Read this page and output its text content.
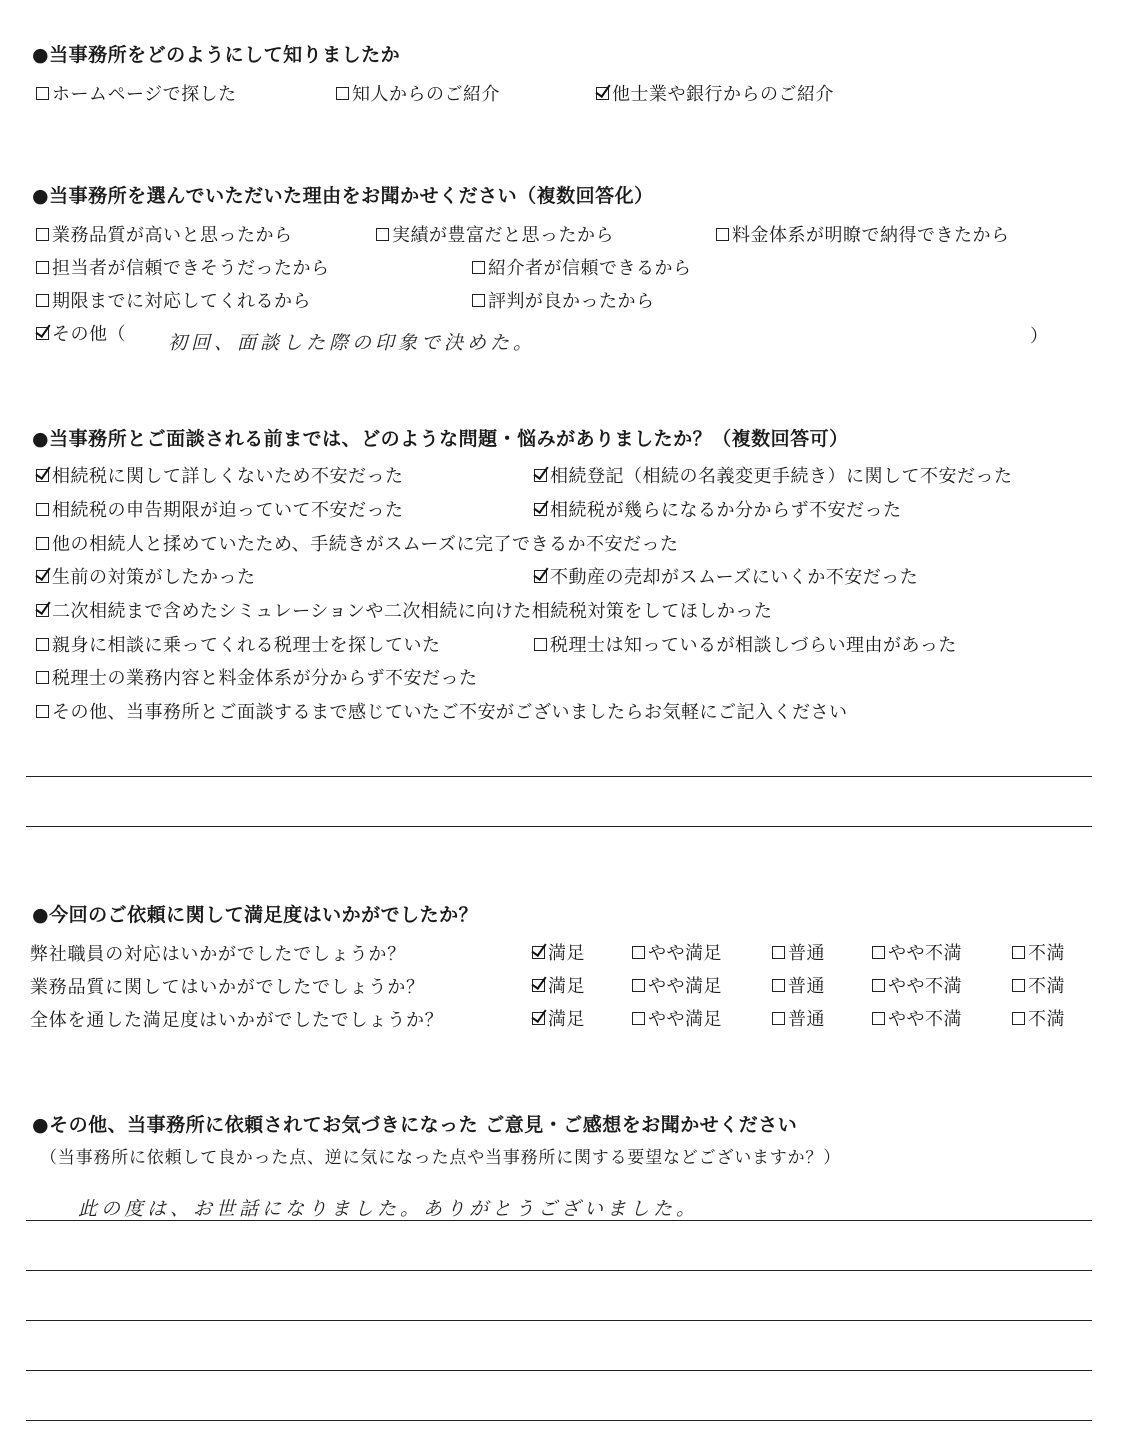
●当事務所をどのようにして知りましたか
ホームページで探した	知人からのご紹介	他士業や銀行からのご紹介
●当事務所を選んでいただいた理由をお聞かせください（複数回答化）
業務品質が高いと思ったから	実績が豊富だと思ったから	料金体系が明瞭で納得できたから
担当者が信頼できそうだったから	紹介者が信頼できるから
期限までに対応してくれるから	評判が良かったから
その他（ 初回、面談した際の印象で決めた。	）
●当事務所とご面談される前までは、どのような問題・悩みがありましたか？（複数回答可）
相続税に関して詳しくないため不安だった	相続登記（相続の名義変更手続き）に関して不安だった
相続税の申告期限が迫っていて不安だった	相続税が幾らになるか分からず不安だった
他の相続人と揉めていたため、手続きがスムーズに完了できるか不安だった
生前の対策がしたかった	不動産の売却がスムーズにいくか不安だった
二次相続まで含めたシミュレーションや二次相続に向けた相続税対策をしてほしかった
親身に相談に乗ってくれる税理士を探していた	税理士は知っているが相談しづらい理由があった
税理士の業務内容と料金体系が分からず不安だった
その他、当事務所とご面談するまで感じていたご不安がございましたらお気軽にご記入ください
●今回のご依頼に関して満足度はいかがでしたか？
弊社職員の対応はいかがでしたでしょうか？	満足	やや満足	普通	やや不満	不満
業務品質に関してはいかがでしたでしょうか？	満足	やや満足	普通	やや不満	不満
全体を通した満足度はいかがでしたでしょうか？	満足	やや満足	普通	やや不満	不満
●その他、当事務所に依頼されてお気づきになった ご意見・ご感想をお聞かせください
（当事務所に依頼して良かった点、逆に気になった点や当事務所に関する要望などございますか？）
此の度は、お世話になりました。ありがとうございました。
